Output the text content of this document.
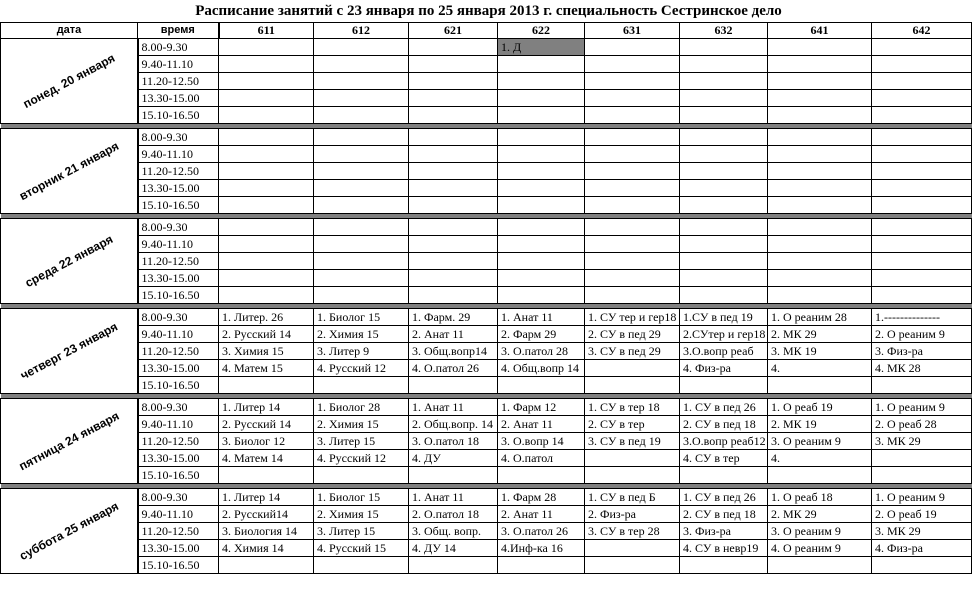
Расписание занятий с 23 января по 25 января 2013 г. специальность Сестринское дело
дата	время	611	612	621	622	631	632	641	642

понед. 20 января	8.00-9.30				1. Д				
	9.40-11.10								
	11.20-12.50								
	13.30-15.00								
	15.10-16.50								

вторник 21 января	8.00-9.30								
	9.40-11.10								
	11.20-12.50								
	13.30-15.00								
	15.10-16.50								

среда 22 января	8.00-9.30								
	9.40-11.10								
	11.20-12.50								
	13.30-15.00								
	15.10-16.50								

четверг 23 января	8.00-9.30	1. Литер. 26	1. Биолог 15	1. Фарм. 29	1. Анат 11	1. СУ тер и гер18	1.СУ в пед 19	1. О реаним 28	1.--------------
	9.40-11.10	2. Русский 14	2. Химия 15	2. Анат 11	2. Фарм 29	2. СУ в пед 29	2.СУтер и гер18	2. МК 29	2. О реаним 9
	11.20-12.50	3. Химия 15	3. Литер 9	3. Общ.вопр14	3. О.патол 28	3. СУ в пед 29	3.О.вопр реаб	3. МК 19	3. Физ-ра
	13.30-15.00	4. Матем 15	4. Русский 12	4. О.патол 26	4. Общ.вопр 14		4. Физ-ра	4.	4. МК 28
	15.10-16.50								

пятница 24 января	8.00-9.30	1. Литер 14	1. Биолог 28	1. Анат 11	1. Фарм 12	1. СУ в тер 18	1. СУ в пед 26	1. О реаб 19	1. О реаним 9
	9.40-11.10	2. Русский 14	2. Химия 15	2. Общ.вопр. 14	2. Анат 11	2. СУ в тер	2. СУ в пед 18	2. МК 19	2. О реаб 28
	11.20-12.50	3. Биолог 12	3. Литер 15	3. О.патол 18	3. О.вопр 14	3. СУ в пед 19	3.О.вопр реаб12	3. О реаним 9	3. МК 29
	13.30-15.00	4. Матем 14	4. Русский 12	4. ДУ	4. О.патол		4. СУ в тер	4.	
	15.10-16.50								

суббота 25 января	8.00-9.30	1. Литер 14	1. Биолог 15	1. Анат 11	1. Фарм 28	1. СУ в пед Б	1. СУ в пед 26	1. О реаб 18	1. О реаним 9
	9.40-11.10	2. Русский14	2. Химия 15	2. О.патол 18	2. Анат 11	2. Физ-ра	2. СУ в пед 18	2. МК 29	2. О реаб 19
	11.20-12.50	3. Биология 14	3. Литер 15	3. Общ. вопр.	3. О.патол 26	3. СУ в тер 28	3. Физ-ра	3. О реаним 9	3. МК 29
	13.30-15.00	4. Химия 14	4. Русский 15	4. ДУ 14	4.Инф-ка 16		4. СУ в невр19	4. О реаним 9	4. Физ-ра
	15.10-16.50								
